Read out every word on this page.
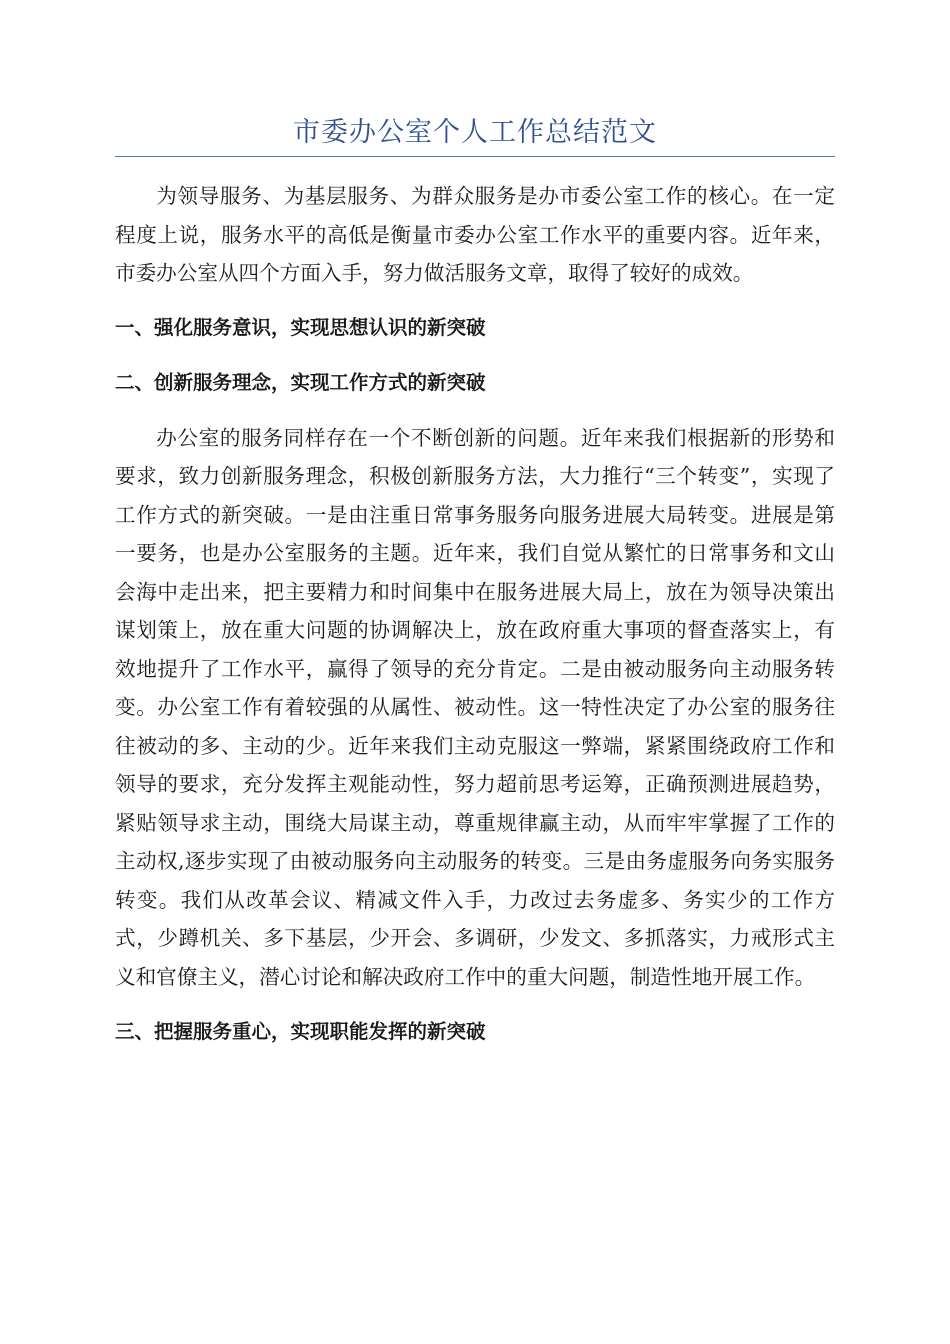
市委办公室个人工作总结范文

为领导服务、为基层服务、为群众服务是办市委公室工作的核心。在一定程度上说，服务水平的高低是衡量市委办公室工作水平的重要内容。近年来，市委办公室从四个方面入手，努力做活服务文章，取得了较好的成效。

一、强化服务意识，实现思想认识的新突破
二、创新服务理念，实现工作方式的新突破

办公室的服务同样存在一个不断创新的问题。近年来我们根据新的形势和要求，致力创新服务理念，积极创新服务方法，大力推行“三个转变”，实现了工作方式的新突破。一是由注重日常事务服务向服务进展大局转变。进展是第一要务，也是办公室服务的主题。近年来，我们自觉从繁忙的日常事务和文山会海中走出来，把主要精力和时间集中在服务进展大局上，放在为领导决策出谋划策上，放在重大问题的协调解决上，放在政府重大事项的督查落实上，有效地提升了工作水平，赢得了领导的充分肯定。二是由被动服务向主动服务转变。办公室工作有着较强的从属性、被动性。这一特性决定了办公室的服务往往被动的多、主动的少。近年来我们主动克服这一弊端，紧紧围绕政府工作和领导的要求，充分发挥主观能动性，努力超前思考运筹，正确预测进展趋势，紧贴领导求主动，围绕大局谋主动，尊重规律赢主动，从而牢牢掌握了工作的主动权,逐步实现了由被动服务向主动服务的转变。三是由务虚服务向务实服务转变。我们从改革会议、精减文件入手，力改过去务虚多、务实少的工作方式，少蹲机关、多下基层，少开会、多调研，少发文、多抓落实，力戒形式主义和官僚主义，潜心讨论和解决政府工作中的重大问题，制造性地开展工作。

三、把握服务重心，实现职能发挥的新突破
